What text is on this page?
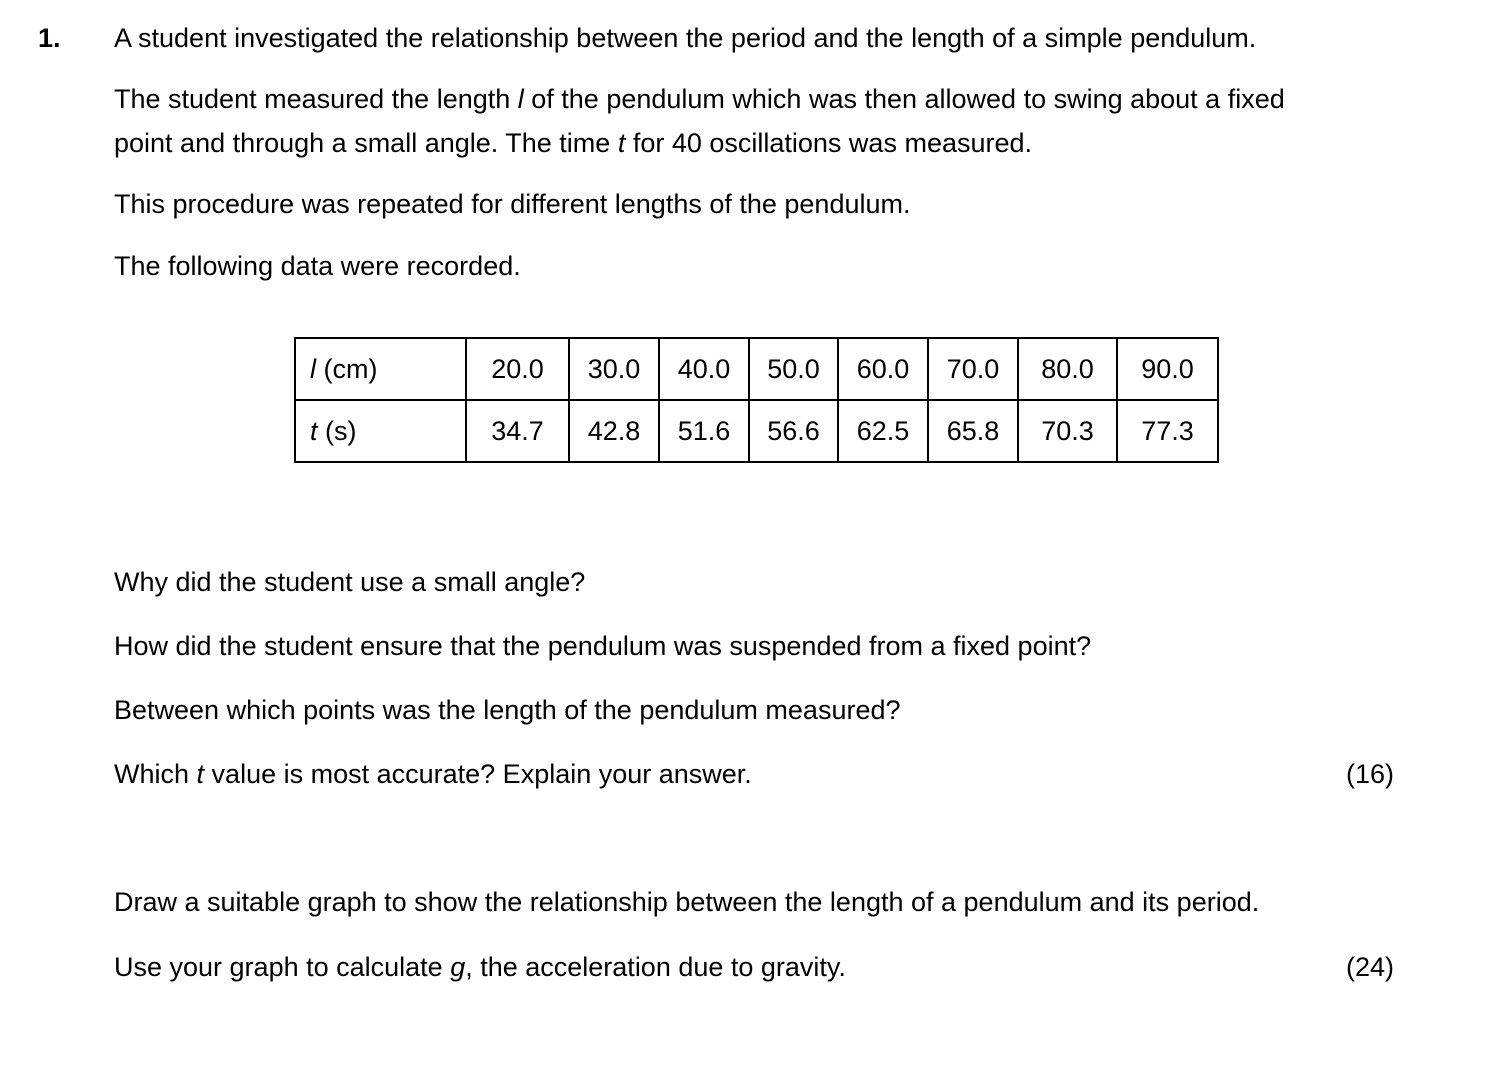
1. A student investigated the relationship between the period and the length of a simple pendulum.
The student measured the length l of the pendulum which was then allowed to swing about a fixed
point and through a small angle. The time t for 40 oscillations was measured.
This procedure was repeated for different lengths of the pendulum.
The following data were recorded.
l (cm)	20.0	30.0	40.0	50.0	60.0	70.0	80.0	90.0
t (s)	34.7	42.8	51.6	56.6	62.5	65.8	70.3	77.3
Why did the student use a small angle?
How did the student ensure that the pendulum was suspended from a fixed point?
Between which points was the length of the pendulum measured?
Which t value is most accurate? Explain your answer.	(16)
Draw a suitable graph to show the relationship between the length of a pendulum and its period.
Use your graph to calculate g, the acceleration due to gravity.	(24)
